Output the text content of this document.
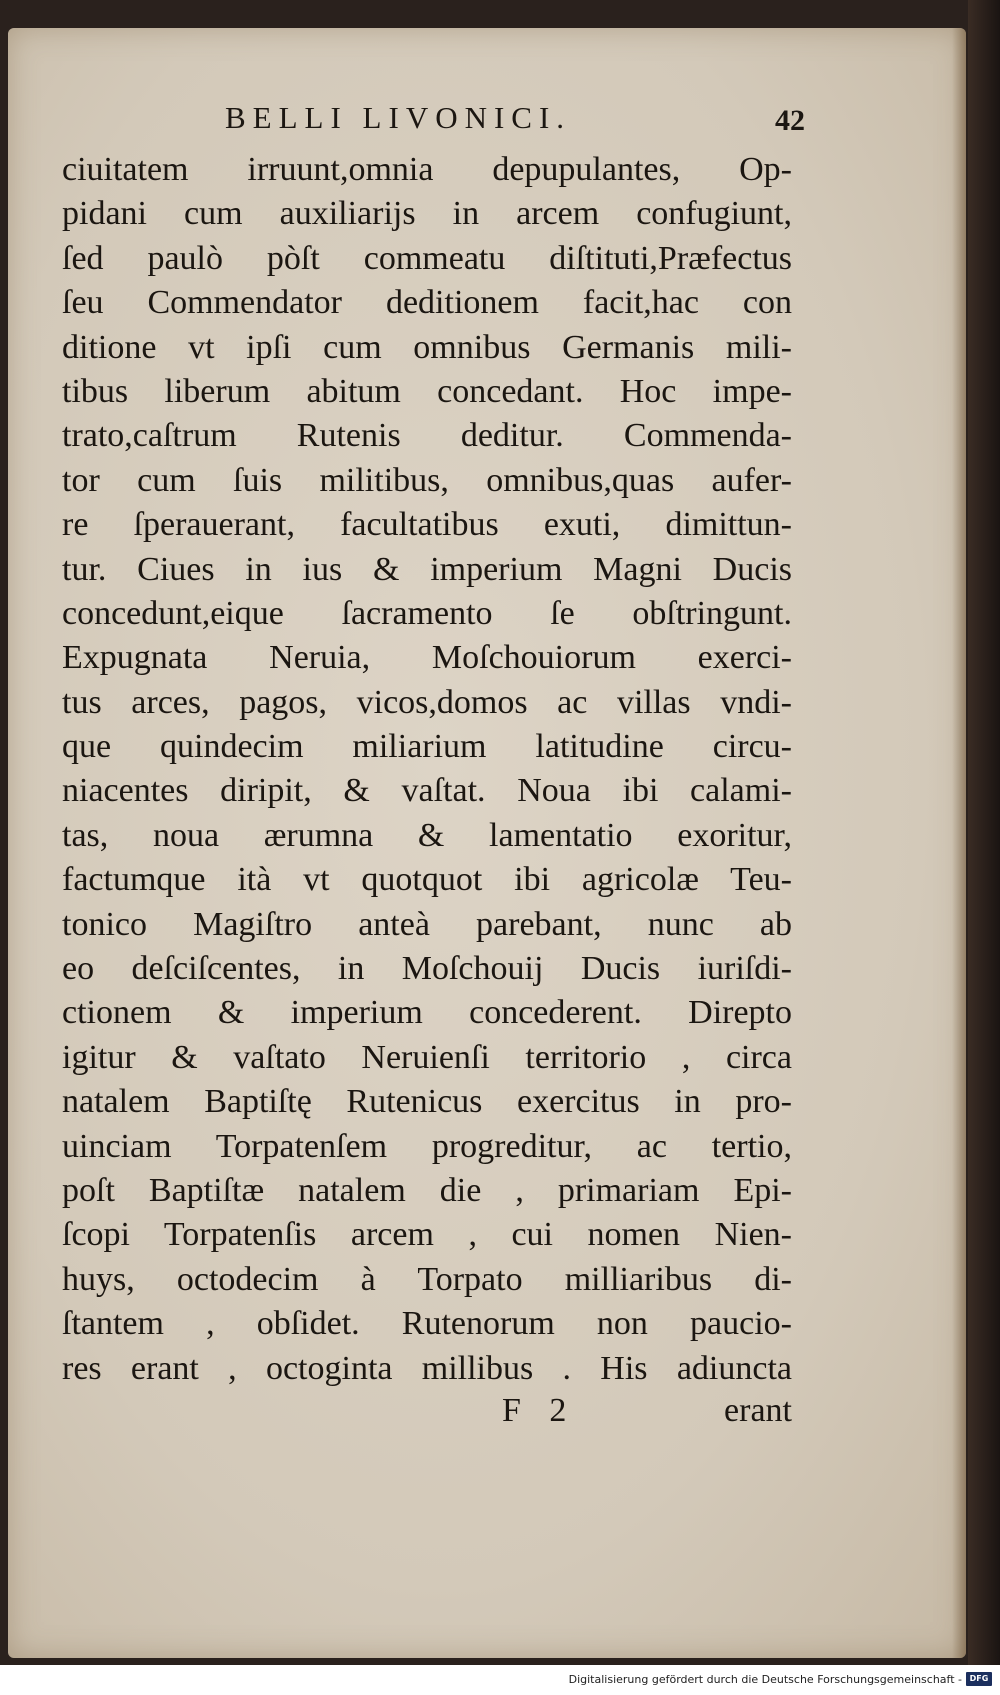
BELLI LIVONICI.	42
ciuitatem irruunt,omnia depupulantes, Op-
pidani cum auxiliarijs in arcem confugiunt,
ſed paulò pòſt commeatu diſtituti,Præfectus
ſeu Commendator deditionem facit,hac con
ditione vt ipſi cum omnibus Germanis mili-
tibus liberum abitum concedant. Hoc impe-
trato,caſtrum Rutenis deditur. Commenda-
tor cum ſuis militibus, omnibus,quas aufer-
re ſperauerant, facultatibus exuti, dimittun-
tur. Ciues in ius & imperium Magni Ducis
concedunt,eique ſacramento ſe obſtringunt.
Expugnata Neruia, Moſchouiorum exerci-
tus arces, pagos, vicos,domos ac villas vndi-
que quindecim miliarium latitudine circu-
niacentes diripit, & vaſtat. Noua ibi calami-
tas, noua ærumna & lamentatio exoritur,
factumque ità vt quotquot ibi agricolæ Teu-
tonico Magiſtro anteà parebant, nunc ab
eo deſciſcentes, in Moſchouij Ducis iuriſdi-
ctionem & imperium concederent. Direpto
igitur & vaſtato Neruienſi territorio , circa
natalem Baptiſtę Rutenicus exercitus in pro-
uinciam Torpatenſem progreditur, ac tertio,
poſt Baptiſtæ natalem die , primariam Epi-
ſcopi Torpatenſis arcem , cui nomen Nien-
huys, octodecim à Torpato milliaribus di-
ſtantem , obſidet. Rutenorum non paucio-
res erant , octoginta millibus . His adiuncta
F 2	erant
Digitalisierung gefördert durch die Deutsche Forschungsgemeinschaft - DFG
